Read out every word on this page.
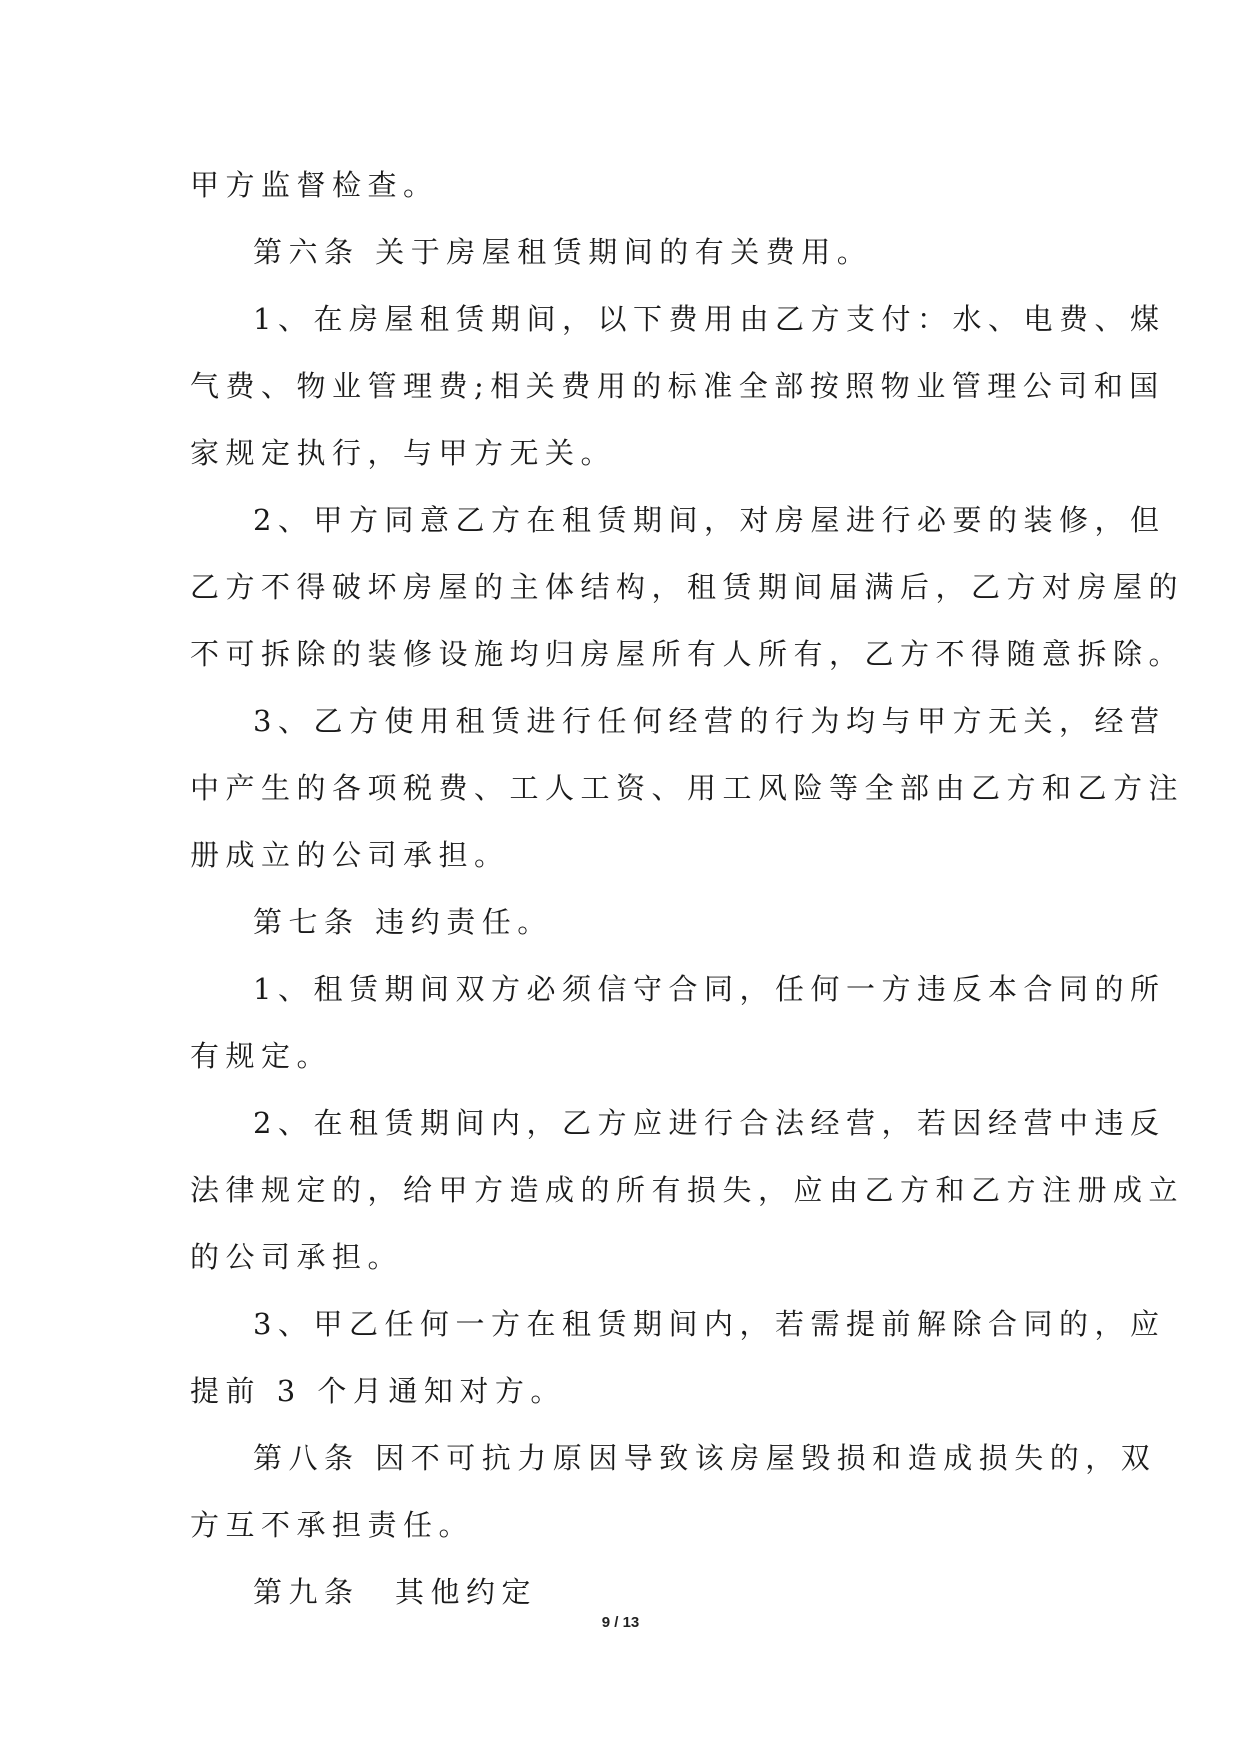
甲方监督检查。
第六条 关于房屋租赁期间的有关费用。
1、在房屋租赁期间，以下费用由乙方支付：水、电费、煤
气费、物业管理费;相关费用的标准全部按照物业管理公司和国
家规定执行，与甲方无关。
2、甲方同意乙方在租赁期间，对房屋进行必要的装修，但
乙方不得破坏房屋的主体结构，租赁期间届满后，乙方对房屋的
不可拆除的装修设施均归房屋所有人所有，乙方不得随意拆除。
3、乙方使用租赁进行任何经营的行为均与甲方无关，经营
中产生的各项税费、工人工资、用工风险等全部由乙方和乙方注
册成立的公司承担。
第七条 违约责任。
1、租赁期间双方必须信守合同，任何一方违反本合同的所
有规定。
2、在租赁期间内，乙方应进行合法经营，若因经营中违反
法律规定的，给甲方造成的所有损失，应由乙方和乙方注册成立
的公司承担。
3、甲乙任何一方在租赁期间内，若需提前解除合同的，应
提前 3 个月通知对方。
第八条 因不可抗力原因导致该房屋毁损和造成损失的，双
方互不承担责任。
第九条　其他约定
9 / 13
